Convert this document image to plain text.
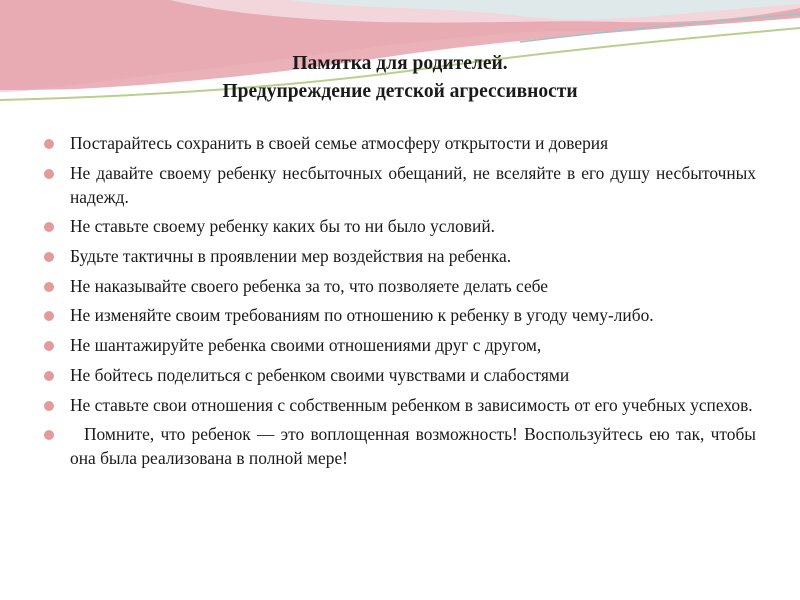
Памятка для родителей.
Предупреждение детской агрессивности
Постарайтесь сохранить в своей семье атмосферу открытости и доверия
Не давайте своему ребенку несбыточных обещаний, не вселяйте в его душу несбыточных надежд.
Не ставьте своему ребенку каких бы то ни было условий.
Будьте тактичны в проявлении мер воздействия на ребенка.
Не наказывайте своего ребенка за то, что позволяете делать себе
Не изменяйте своим требованиям по отношению к ребенку в угоду чему-либо.
Не шантажируйте ребенка своими отношениями друг с другом,
Не бойтесь поделиться с ребенком своими чувствами и слабостями
Не ставьте свои отношения с собственным ребенком в зависимость от его учебных успехов.
Помните, что ребенок — это воплощенная возможность! Воспользуйтесь ею так, чтобы она была реализована в полной мере!
